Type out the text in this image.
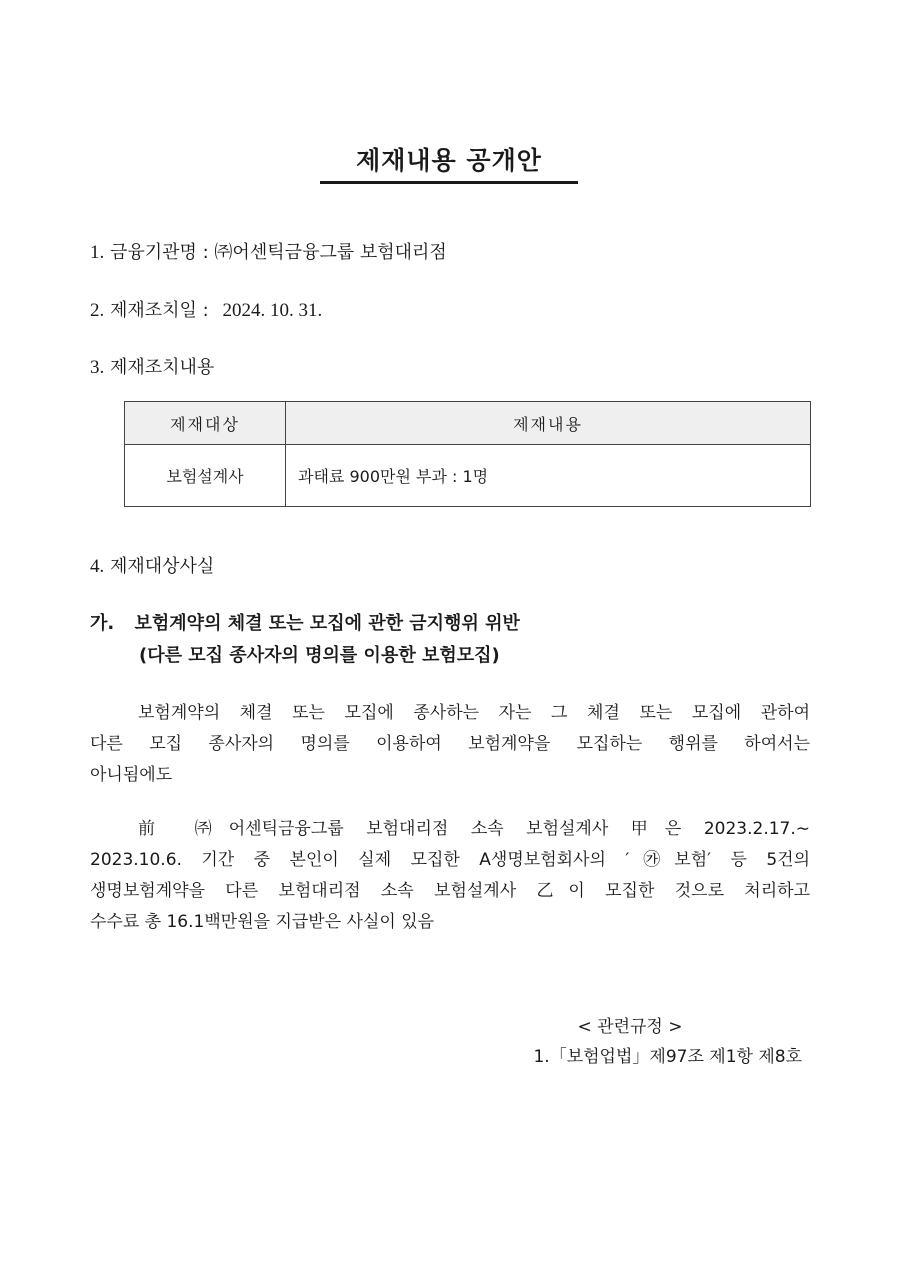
제재내용 공개안
1. 금융기관명 : ㈜어센틱금융그룹 보험대리점
2. 제재조치일 : 2024. 10. 31.
3. 제재조치내용
제재대상	제재내용
보험설계사	과태료 900만원 부과 : 1명
4. 제재대상사실
가. 보험계약의 체결 또는 모집에 관한 금지행위 위반
(다른 모집 종사자의 명의를 이용한 보험모집)
보험계약의 체결 또는 모집에 종사하는 자는 그 체결 또는 모집에 관하여
다른 모집 종사자의 명의를 이용하여 보험계약을 모집하는 행위를 하여서는
아니됨에도
前 ㈜어센틱금융그룹 보험대리점 소속 보험설계사 甲은 2023.2.17.∼
2023.10.6. 기간 중 본인이 실제 모집한 A생명보험회사의 ′㉮보험′ 등 5건의
생명보험계약을 다른 보험대리점 소속 보험설계사 乙이 모집한 것으로 처리하고
수수료 총 16.1백만원을 지급받은 사실이 있음
< 관련규정 >
1.「보험업법」제97조 제1항 제8호
